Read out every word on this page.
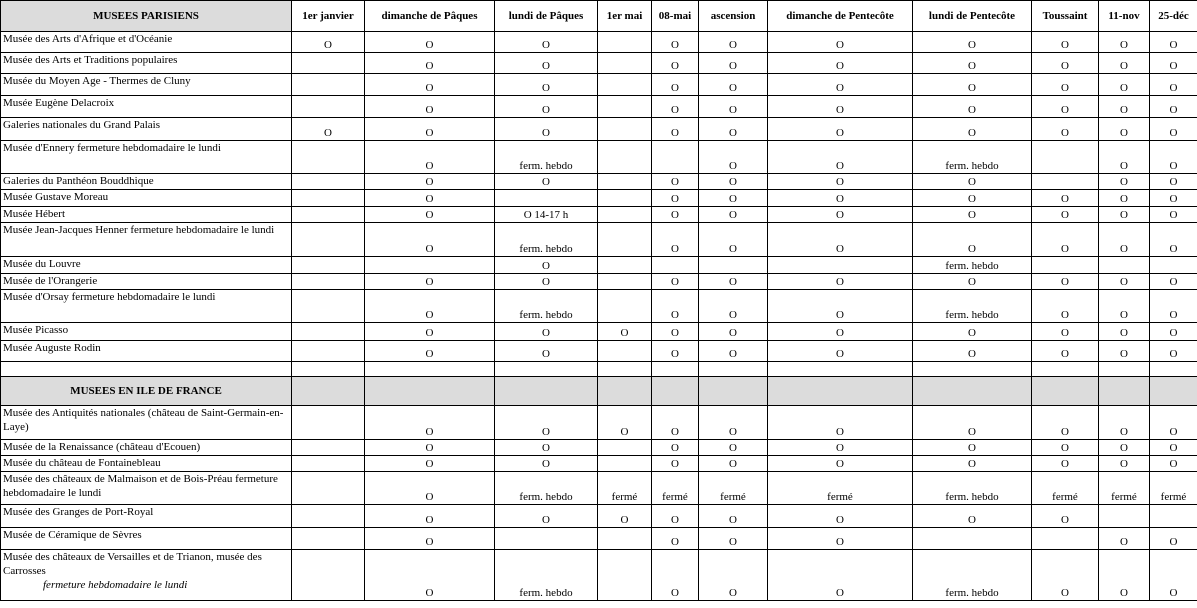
MUSEES PARISIENS	1er janvier	dimanche de Pâques	lundi de Pâques	1er mai	08-mai	ascension	dimanche de Pentecôte	lundi de Pentecôte	Toussaint	11-nov	25-déc
Musée des Arts d'Afrique et d'Océanie	O	O	O		O	O	O	O	O	O	O
Musée des Arts et Traditions populaires		O	O		O	O	O	O	O	O	O
Musée du Moyen Age - Thermes de Cluny		O	O		O	O	O	O	O	O	O
Musée Eugène Delacroix		O	O		O	O	O	O	O	O	O
Galeries nationales du Grand Palais	O	O	O		O	O	O	O	O	O	O
Musée d'Ennery fermeture hebdomadaire le lundi		O	ferm. hebdo			O	O	ferm. hebdo		O	O
Galeries du Panthéon Bouddhique		O	O		O	O	O	O		O	O
Musée Gustave Moreau		O			O	O	O	O	O	O	O
Musée Hébert		O	O 14-17 h		O	O	O	O	O	O	O
Musée Jean-Jacques Henner fermeture hebdomadaire le lundi		O	ferm. hebdo		O	O	O	O	O	O	O
Musée du Louvre			O					ferm. hebdo			
Musée de l'Orangerie		O	O		O	O	O	O	O	O	O
Musée d'Orsay fermeture hebdomadaire le lundi		O	ferm. hebdo		O	O	O	ferm. hebdo	O	O	O
Musée Picasso		O	O	O	O	O	O	O	O	O	O
Musée Auguste Rodin		O	O		O	O	O	O	O	O	O

MUSEES EN ILE DE FRANCE											
Musée des Antiquités nationales (château de Saint-Germain-en-Laye)		O	O	O	O	O	O	O	O	O	O
Musée de la Renaissance (château d'Ecouen)		O	O		O	O	O	O	O	O	O
Musée du château de Fontainebleau		O	O		O	O	O	O	O	O	O
Musée des châteaux de Malmaison et de Bois-Préau fermeture hebdomadaire le lundi		O	ferm. hebdo	fermé	fermé	fermé	fermé	ferm. hebdo	fermé	fermé	fermé
Musée des Granges de Port-Royal		O	O	O	O	O	O	O	O		
Musée de Céramique de Sèvres		O			O	O	O			O	O
Musée des châteaux de Versailles et de Trianon, musée des Carrosses
fermeture hebdomadaire le lundi		O	ferm. hebdo		O	O	O	ferm. hebdo	O	O	O
